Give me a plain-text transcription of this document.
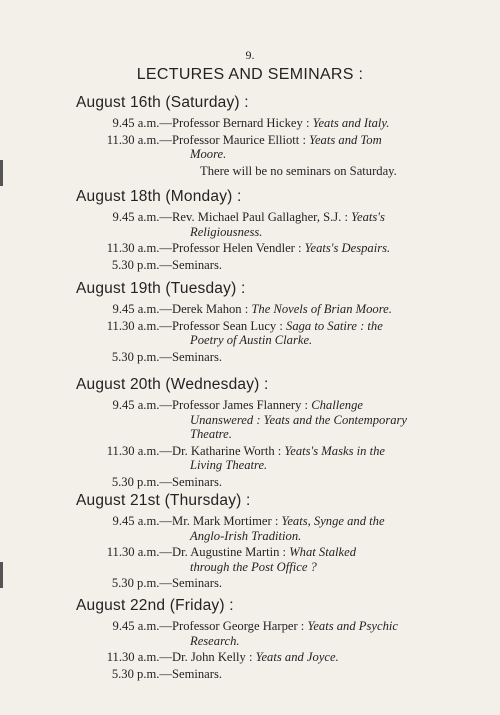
9.
LECTURES AND SEMINARS :
August 16th (Saturday) :
9.45 a.m.— Professor Bernard Hickey : Yeats and Italy.
11.30 a.m.— Professor Maurice Elliott : Yeats and Tom
Moore.
There will be no seminars on Saturday.
August 18th (Monday) :
9.45 a.m.— Rev. Michael Paul Gallagher, S.J. : Yeats's
Religiousness.
11.30 a.m.— Professor Helen Vendler : Yeats's Despairs.
5.30 p.m.— Seminars.
August 19th (Tuesday) :
9.45 a.m.— Derek Mahon : The Novels of Brian Moore.
11.30 a.m.— Professor Sean Lucy : Saga to Satire : the
Poetry of Austin Clarke.
5.30 p.m.— Seminars.
August 20th (Wednesday) :
9.45 a.m.— Professor James Flannery : Challenge
Unanswered : Yeats and the Contemporary Theatre.
11.30 a.m.— Dr. Katharine Worth : Yeats's Masks in the
Living Theatre.
5.30 p.m.— Seminars.
August 21st (Thursday) :
9.45 a.m.— Mr. Mark Mortimer : Yeats, Synge and the
Anglo-Irish Tradition.
11.30 a.m.— Dr. Augustine Martin : What Stalked
through the Post Office ?
5.30 p.m.— Seminars.
August 22nd (Friday) :
9.45 a.m.— Professor George Harper : Yeats and Psychic
Research.
11.30 a.m.— Dr. John Kelly : Yeats and Joyce.
5.30 p.m.— Seminars.
